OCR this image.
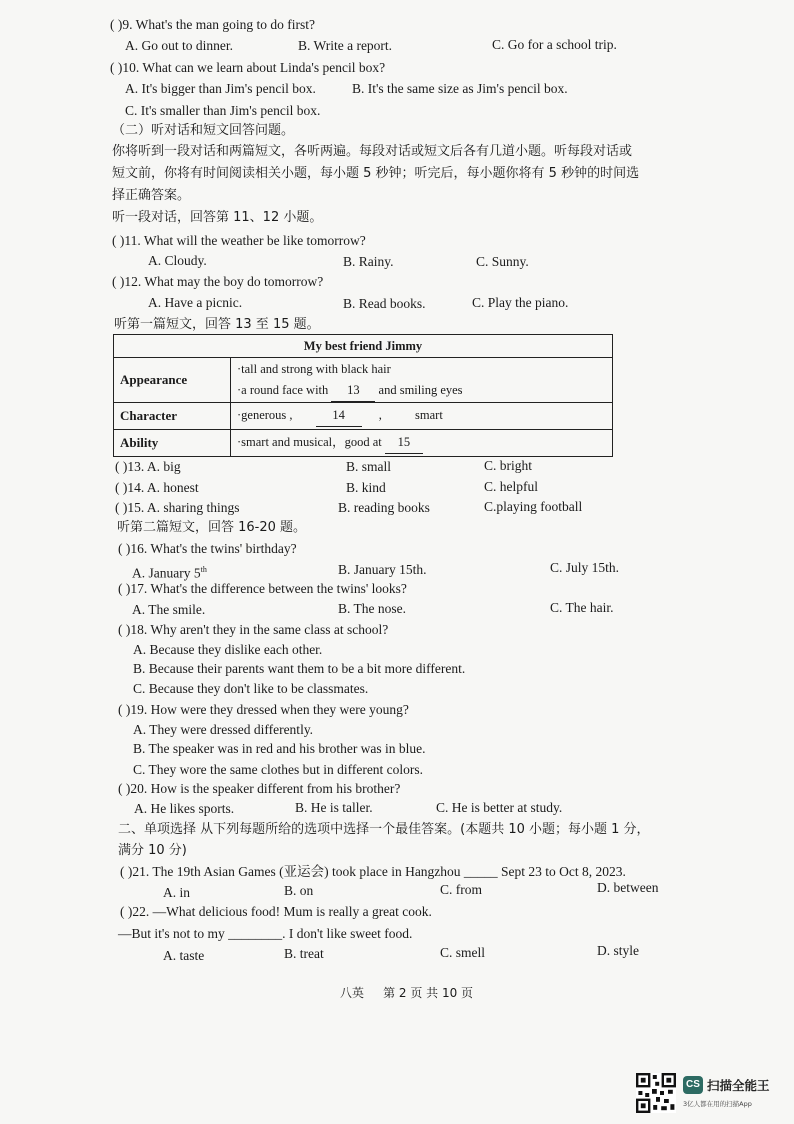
( )9. What's the man going to do first?
A. Go out to dinner.	B. Write a report.	C. Go for a school trip.
( )10. What can we learn about Linda's pencil box?
A. It's bigger than Jim's pencil box.	B. It's the same size as Jim's pencil box.
C. It's smaller than Jim's pencil box.
（二）听对话和短文回答问题。
你将听到一段对话和两篇短文，各听两遍。每段对话或短文后各有几道小题。听每段对话或
短文前，你将有时间阅读相关小题，每小题 5 秒钟；听完后，每小题你将有 5 秒钟的时间选
择正确答案。
听一段对话，回答第 11、12 小题。
( )11. What will the weather be like tomorrow?
A. Cloudy.	B. Rainy.	C. Sunny.
( )12. What may the boy do tomorrow?
A. Have a picnic.	B. Read books.	C. Play the piano.
听第一篇短文，回答 13 至 15 题。
My best friend Jimmy	
Appearance	·tall and strong with black hair
·a round face with 13 and smiling eyes

Character	·generous , 14 , smart
Ability	·smart and musical，good at 15
( )13. A. big	B. small	C. bright
( )14. A. honest	B. kind	C. helpful
( )15. A. sharing things	B. reading books	C.playing football
听第二篇短文，回答 16-20 题。
( )16. What's the twins' birthday?
A. January 5th	B. January 15th.	C. July 15th.
( )17. What's the difference between the twins' looks?
A. The smile.	B. The nose.	C. The hair.
( )18. Why aren't they in the same class at school?
A. Because they dislike each other.
B. Because their parents want them to be a bit more different.
C. Because they don't like to be classmates.
( )19. How were they dressed when they were young?
A. They were dressed differently.
B. The speaker was in red and his brother was in blue.
C. They wore the same clothes but in different colors.
( )20. How is the speaker different from his brother?
A. He likes sports.	B. He is taller.	C. He is better at study.
二、单项选择 从下列每题所给的选项中选择一个最佳答案。(本题共 10 小题；每小题 1 分，
满分 10 分)
( )21. The 19th Asian Games (亚运会) took place in Hangzhou _____ Sept 23 to Oct 8, 2023.
A. in	B. on	C. from	D. between
( )22. —What delicious food! Mum is really a great cook.
—But it's not to my ________. I don't like sweet food.
A. taste	B. treat	C. smell	D. style
八英     第 2 页 共 10 页
CS 扫描全能王
3亿人都在用的扫描App
